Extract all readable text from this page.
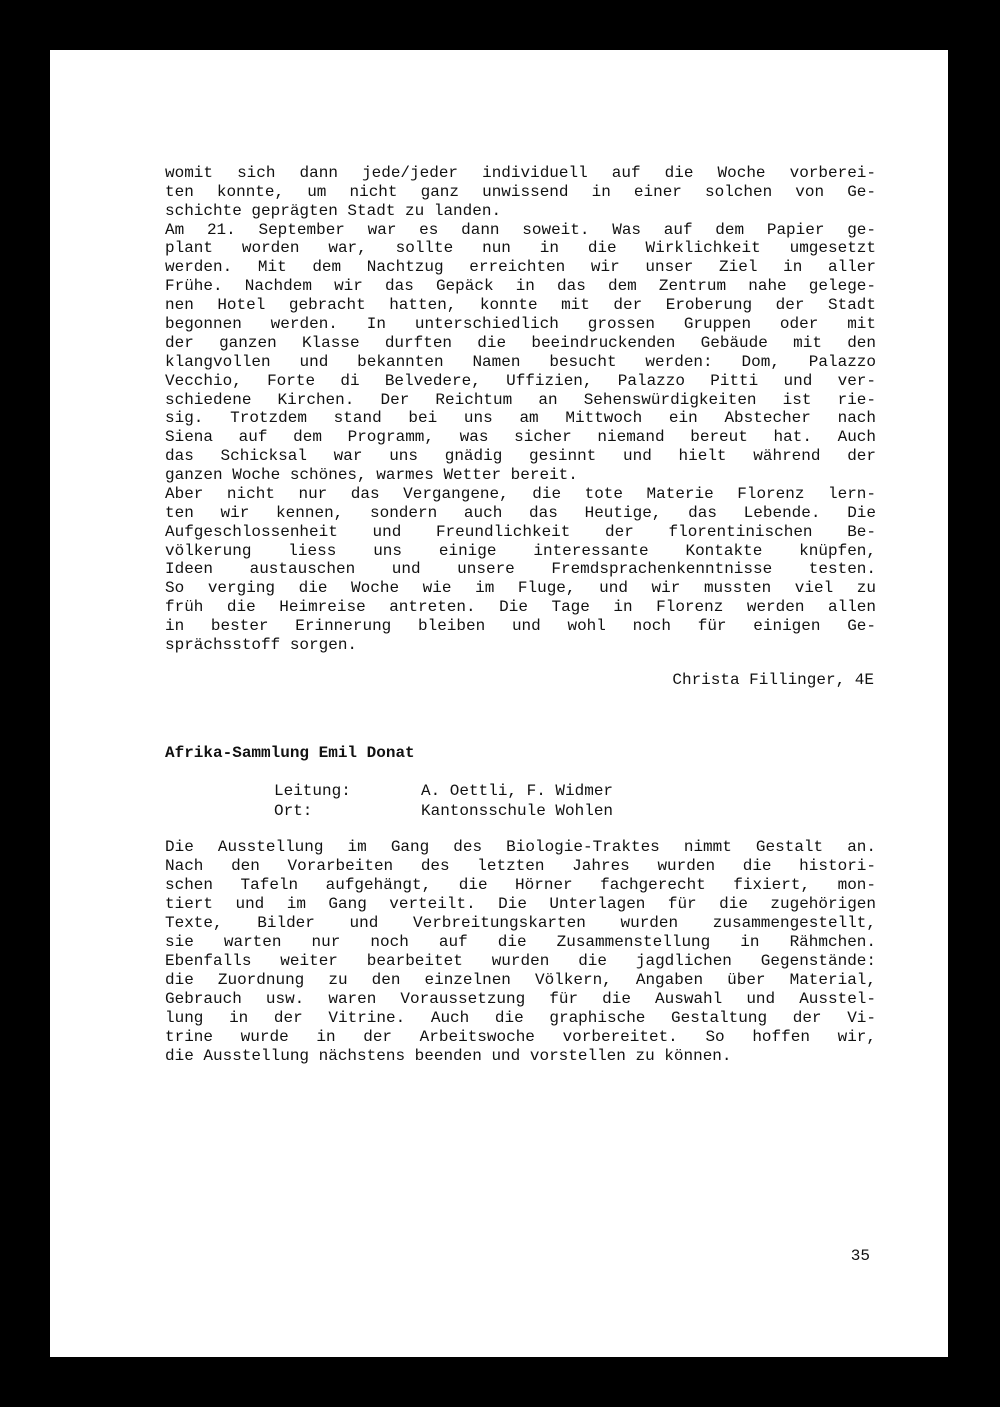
womit sich dann jede/jeder individuell auf die Woche vorberei-

ten konnte, um nicht ganz unwissend in einer solchen von Ge-

schichte geprägten Stadt zu landen.

Am 21. September war es dann soweit. Was auf dem Papier ge-

plant worden war, sollte nun in die Wirklichkeit umgesetzt

werden. Mit dem Nachtzug erreichten wir unser Ziel in aller

Frühe. Nachdem wir das Gepäck in das dem Zentrum nahe gelege-

nen Hotel gebracht hatten, konnte mit der Eroberung der Stadt

begonnen werden. In unterschiedlich grossen Gruppen oder mit

der ganzen Klasse durften die beeindruckenden Gebäude mit den

klangvollen und bekannten Namen besucht werden: Dom, Palazzo

Vecchio, Forte di Belvedere, Uffizien, Palazzo Pitti und ver-

schiedene Kirchen. Der Reichtum an Sehenswürdigkeiten ist rie-

sig. Trotzdem stand bei uns am Mittwoch ein Abstecher nach

Siena auf dem Programm, was sicher niemand bereut hat. Auch

das Schicksal war uns gnädig gesinnt und hielt während der

ganzen Woche schönes, warmes Wetter bereit.

Aber nicht nur das Vergangene, die tote Materie Florenz lern-

ten wir kennen, sondern auch das Heutige, das Lebende. Die

Aufgeschlossenheit und Freundlichkeit der florentinischen Be-

völkerung liess uns einige interessante Kontakte knüpfen,

Ideen austauschen und unsere Fremdsprachenkenntnisse testen.

So verging die Woche wie im Fluge, und wir mussten viel zu

früh die Heimreise antreten. Die Tage in Florenz werden allen

in bester Erinnerung bleiben und wohl noch für einigen Ge-

sprächsstoff sorgen.

Christa Fillinger, 4E

Afrika-Sammlung Emil Donat

Leitung:	A. Oettli, F. Widmer

Ort:	Kantonsschule Wohlen

Die Ausstellung im Gang des Biologie-Traktes nimmt Gestalt an.

Nach den Vorarbeiten des letzten Jahres wurden die histori-

schen Tafeln aufgehängt, die Hörner fachgerecht fixiert, mon-

tiert und im Gang verteilt. Die Unterlagen für die zugehörigen

Texte, Bilder und Verbreitungskarten wurden zusammengestellt,

sie warten nur noch auf die Zusammenstellung in Rähmchen.

Ebenfalls weiter bearbeitet wurden die jagdlichen Gegenstände:

die Zuordnung zu den einzelnen Völkern, Angaben über Material,

Gebrauch usw. waren Voraussetzung für die Auswahl und Ausstel-

lung in der Vitrine. Auch die graphische Gestaltung der Vi-

trine wurde in der Arbeitswoche vorbereitet. So hoffen wir,

die Ausstellung nächstens beenden und vorstellen zu können.

35
